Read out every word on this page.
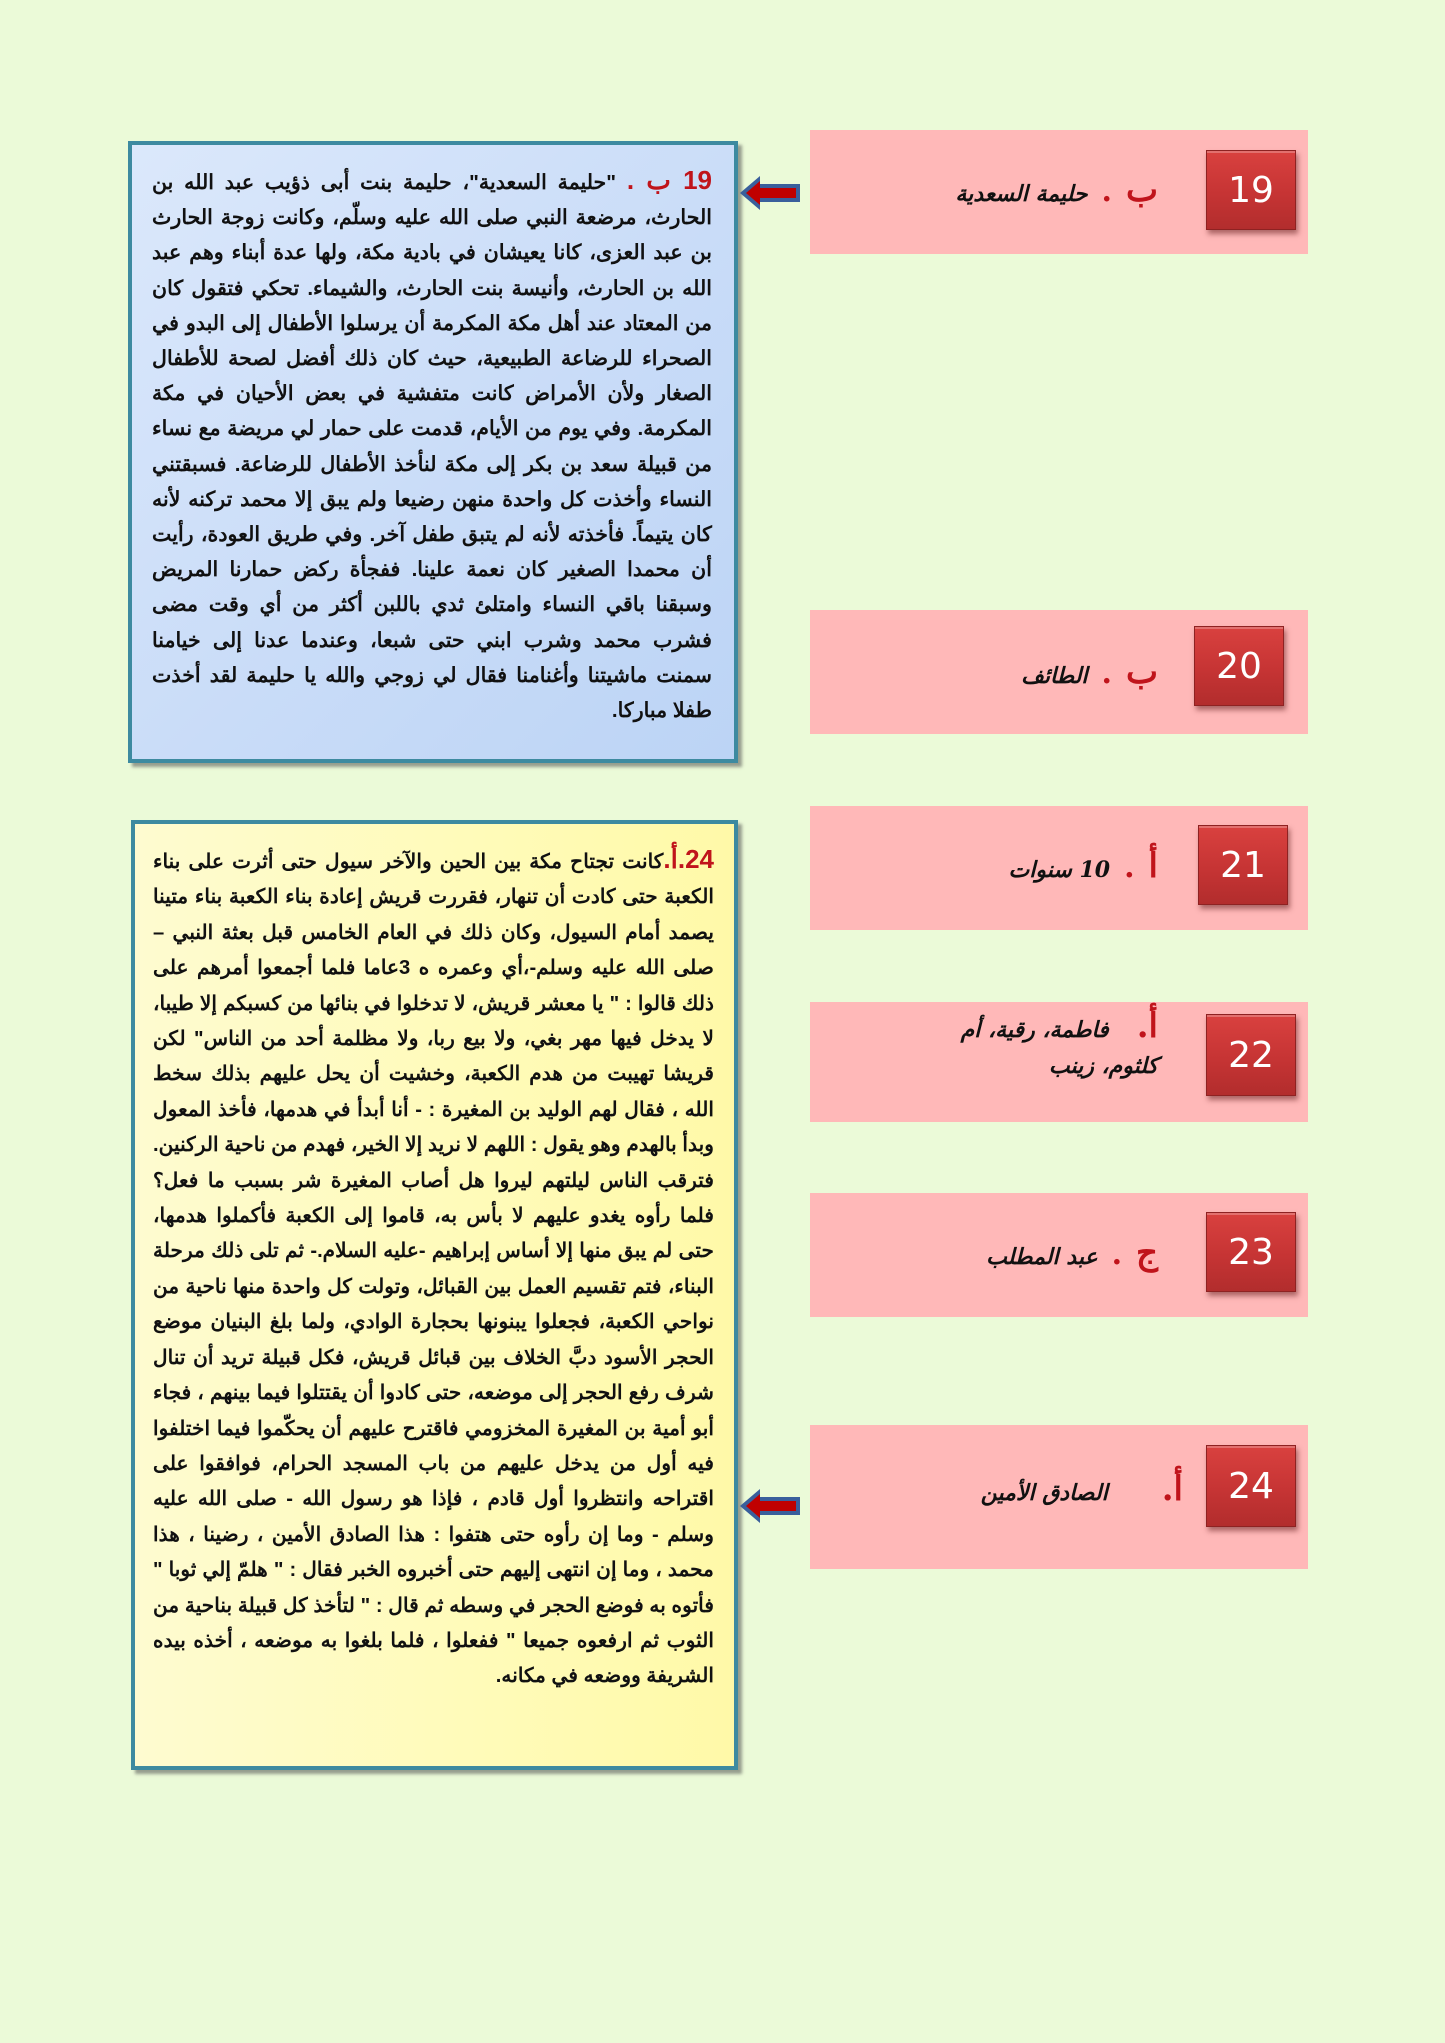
19 ب . "حليمة السعدية"، حليمة بنت أبى ذؤيب عبد الله بن الحارث، مرضعة النبي صلى الله عليه وسلّم، وكانت زوجة الحارث بن عبد العزى، كانا يعيشان في بادية مكة، ولها عدة أبناء وهم عبد الله بن الحارث، وأنيسة بنت الحارث، والشيماء. تحكي فتقول كان من المعتاد عند أهل مكة المكرمة أن يرسلوا الأطفال إلى البدو في الصحراء للرضاعة الطبيعية، حيث كان ذلك أفضل لصحة للأطفال الصغار ولأن الأمراض كانت متفشية في بعض الأحيان في مكة المكرمة. وفي يوم من الأيام، قدمت على حمار لي مريضة مع نساء من قبيلة سعد بن بكر إلى مكة لنأخذ الأطفال للرضاعة. فسبقتني النساء وأخذت كل واحدة منهن رضيعا ولم يبق إلا محمد تركنه لأنه كان يتيماً. فأخذته لأنه لم يتبق طفل آخر. وفي طريق العودة، رأيت أن محمدا الصغير كان نعمة علينا. ففجأة ركض حمارنا المريض وسبقنا باقي النساء وامتلئ ثدي باللبن أكثر من أي وقت مضى فشرب محمد وشرب ابني حتى شبعا، وعندما عدنا إلى خيامنا سمنت ماشيتنا وأغنامنا فقال لي زوجي والله يا حليمة لقد أخذت طفلا مباركا.
24.أ.كانت تجتاح مكة بين الحين والآخر سيول حتى أثرت على بناء الكعبة حتى كادت أن تنهار، فقررت قريش إعادة بناء الكعبة بناء متينا يصمد أمام السيول، وكان ذلك في العام الخامس قبل بعثة النبي – صلى الله عليه وسلم-،أي وعمره ه 3عاما فلما أجمعوا أمرهم على ذلك قالوا : " يا معشر قريش، لا تدخلوا في بنائها من كسبكم إلا طيبا، لا يدخل فيها مهر بغي، ولا بيع ربا، ولا مظلمة أحد من الناس" لكن قريشا تهيبت من هدم الكعبة، وخشيت أن يحل عليهم بذلك سخط الله ، فقال لهم الوليد بن المغيرة : - أنا أبدأ في هدمها، فأخذ المعول وبدأ بالهدم وهو يقول : اللهم لا نريد إلا الخير، فهدم من ناحية الركنين. فترقب الناس ليلتهم ليروا هل أصاب المغيرة شر بسبب ما فعل؟ فلما رأوه يغدو عليهم لا بأس به، قاموا إلى الكعبة فأكملوا هدمها، حتى لم يبق منها إلا أساس إبراهيم -عليه السلام.- ثم تلى ذلك مرحلة البناء، فتم تقسيم العمل بين القبائل، وتولت كل واحدة منها ناحية من نواحي الكعبة، فجعلوا يبنونها بحجارة الوادي، ولما بلغ البنيان موضع الحجر الأسود دبَّ الخلاف بين قبائل قريش، فكل قبيلة تريد أن تنال شرف رفع الحجر إلى موضعه، حتى كادوا أن يقتتلوا فيما بينهم ، فجاء أبو أمية بن المغيرة المخزومي فاقترح عليهم أن يحكّموا فيما اختلفوا فيه أول من يدخل عليهم من باب المسجد الحرام، فوافقوا على اقتراحه وانتظروا أول قادم ، فإذا هو رسول الله - صلى الله عليه وسلم - وما إن رأوه حتى هتفوا : هذا الصادق الأمين ، رضينا ، هذا محمد ، وما إن انتهى إليهم حتى أخبروه الخبر فقال : " هلمّ إلي ثوبا " فأتوه به فوضع الحجر في وسطه ثم قال : " لتأخذ كل قبيلة بناحية من الثوب ثم ارفعوه جميعا " ففعلوا ، فلما بلغوا به موضعه ، أخذه بيده الشريفة ووضعه في مكانه.
19
ب.حليمة السعدية
20
ب.الطائف
21
أ.10 سنوات
22
أ.فاطمة، رقية، أم كلثوم، زينب
23
ج.عبد المطلب
24
أ.الصادق الأمين
